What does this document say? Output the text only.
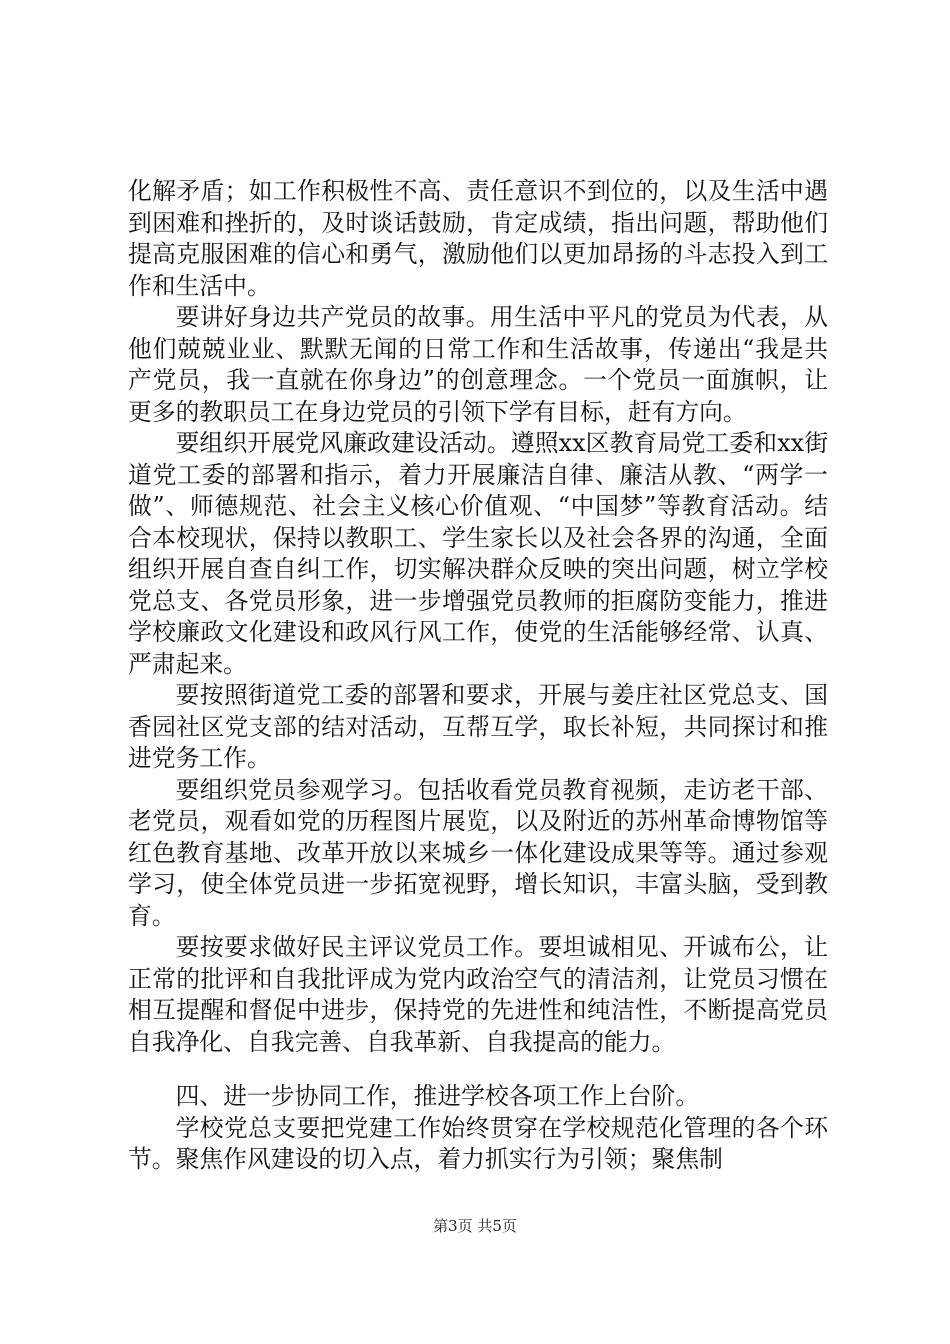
化解矛盾；如工作积极性不高、责任意识不到位的，以及生活中遇到困难和挫折的，及时谈话鼓励，肯定成绩，指出问题，帮助他们提高克服困难的信心和勇气，激励他们以更加昂扬的斗志投入到工作和生活中。

要讲好身边共产党员的故事。用生活中平凡的党员为代表，从他们兢兢业业、默默无闻的日常工作和生活故事，传递出“我是共产党员，我一直就在你身边”的创意理念。一个党员一面旗帜，让更多的教职员工在身边党员的引领下学有目标，赶有方向。

要组织开展党风廉政建设活动。遵照xx区教育局党工委和xx街道党工委的部署和指示，着力开展廉洁自律、廉洁从教、“两学一做”、师德规范、社会主义核心价值观、“中国梦”等教育活动。结合本校现状，保持以教职工、学生家长以及社会各界的沟通，全面组织开展自查自纠工作，切实解决群众反映的突出问题，树立学校党总支、各党员形象，进一步增强党员教师的拒腐防变能力，推进学校廉政文化建设和政风行风工作，使党的生活能够经常、认真、严肃起来。

要按照街道党工委的部署和要求，开展与姜庄社区党总支、国香园社区党支部的结对活动，互帮互学，取长补短，共同探讨和推进党务工作。

要组织党员参观学习。包括收看党员教育视频，走访老干部、老党员，观看如党的历程图片展览，以及附近的苏州革命博物馆等红色教育基地、改革开放以来城乡一体化建设成果等等。通过参观学习，使全体党员进一步拓宽视野，增长知识，丰富头脑，受到教育。

要按要求做好民主评议党员工作。要坦诚相见、开诚布公，让正常的批评和自我批评成为党内政治空气的清洁剂，让党员习惯在相互提醒和督促中进步，保持党的先进性和纯洁性，不断提高党员自我净化、自我完善、自我革新、自我提高的能力。

四、进一步协同工作，推进学校各项工作上台阶。

学校党总支要把党建工作始终贯穿在学校规范化管理的各个环节。聚焦作风建设的切入点，着力抓实行为引领；聚焦制

第3页 共5页
